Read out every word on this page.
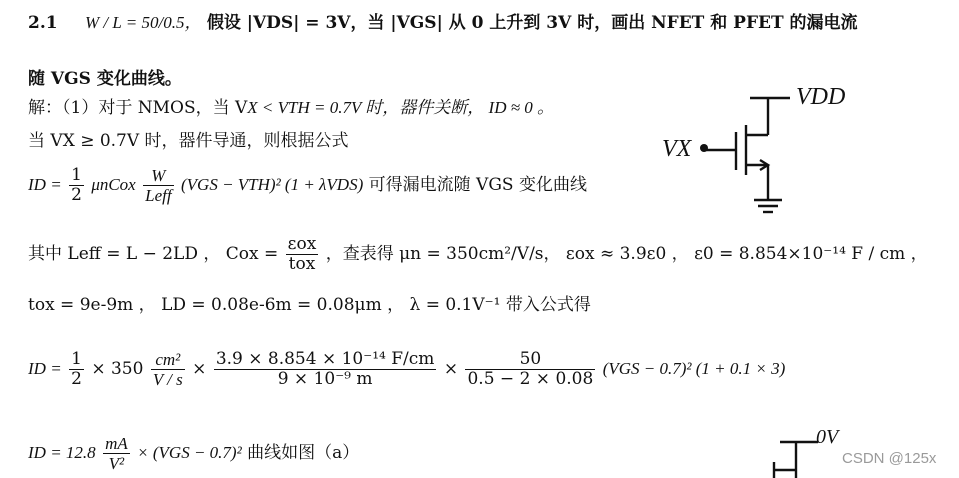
2.1 W / L = 50/0.5， 假设 |VDS| = 3V，当 |VGS| 从 0 上升到 3V 时，画出 NFET 和 PFET 的漏电流
随 VGS 变化曲线。
解：（1）对于 NMOS，当 VX < VTH = 0.7V 时，器件关断， ID ≈ 0 。
当 VX ≥ 0.7V 时，器件导通，则根据公式
ID = $\frac{1}{2}$ μnCox $\frac{W}{\text{Leff}} (VGS - VTH)^2$ (1 + λVDS) 可得漏电流随 VGS 变化曲线
其中 Leff = L − 2LD ， Cox = $\frac{\text{εox}}{\text{tox}}$ ，查表得 μn = 350cm²/V/s， εox ≈ 3.9ε0 ， ε0 = 8.854×10⁻¹⁴ F / cm ，
tox = 9e-9m ， LD = 0.08e-6m = 0.08μm ， λ = 0.1V⁻¹ 带入公式得
ID = $\frac{1}{2} \times 350 \frac{\text{cm²}}{V / s} \times \frac{\text{3.9 × 8.854 × 10⁻¹⁴ F/cm}}{\text{9 × 10⁻⁹ m}} \times \frac{50}{0.5 - 2 \times 0.08} (VGS - 0.7)^2$ (1 + 0.1 × 3)
ID = $12.8 \frac{mA}{\text{V²}} \times (VGS - 0.7)^2$ 曲线如图（a）
VDD
VX
0V
CSDN @125x
